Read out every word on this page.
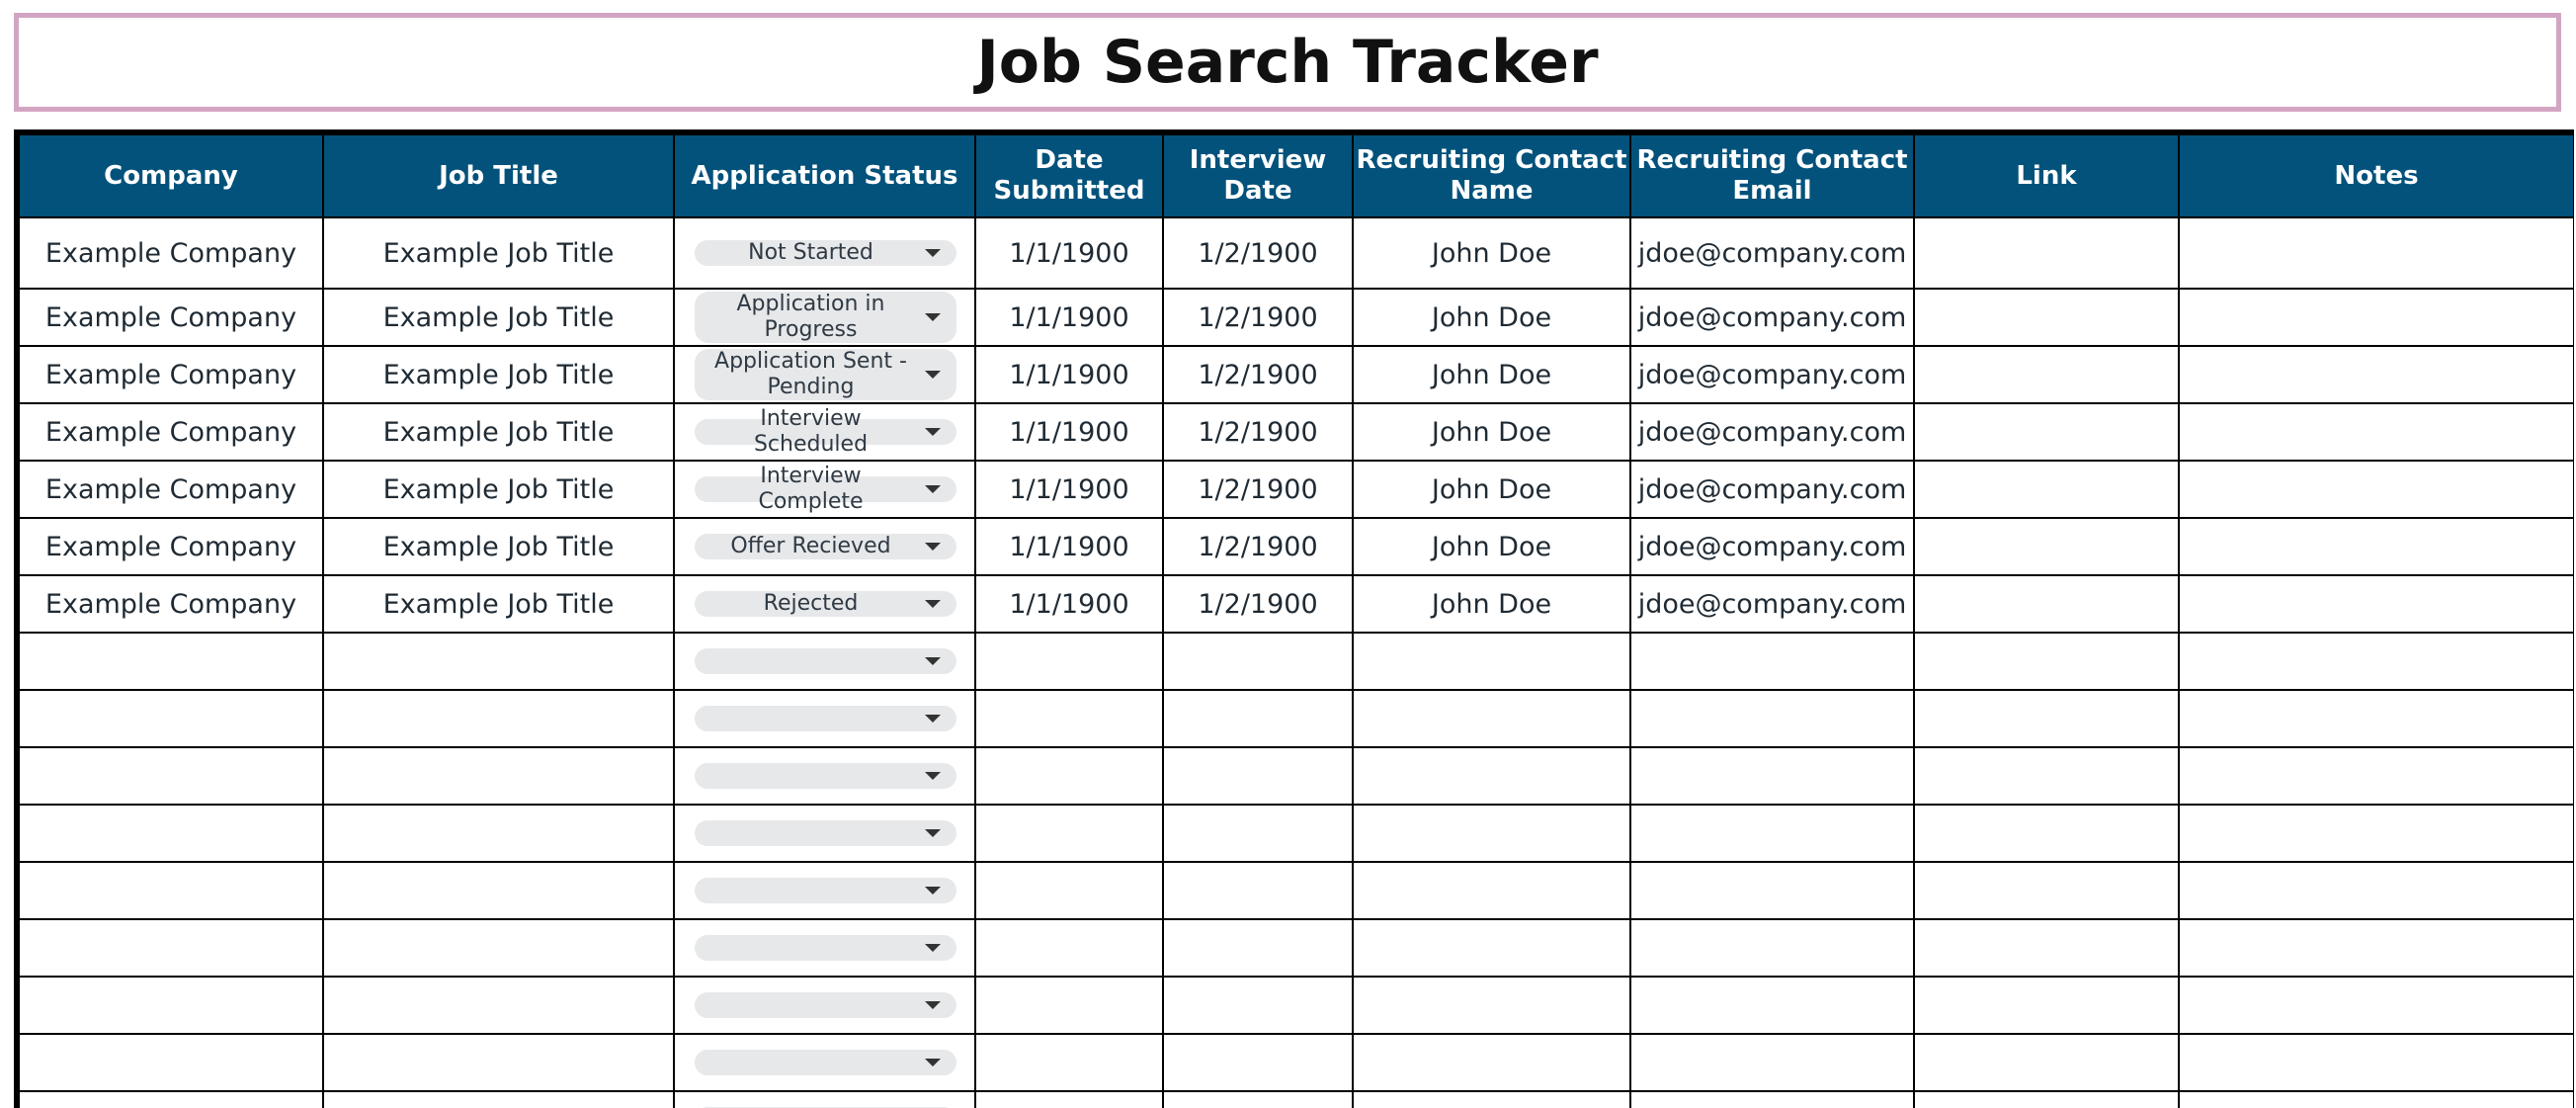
Job Search Tracker
Company	Job Title	Application Status	Date Submitted	Interview Date	Recruiting Contact Name	Recruiting Contact Email	Link	Notes
Example Company	Example Job Title	Not Started	1/1/1900	1/2/1900	John Doe	jdoe@company.com		
Example Company	Example Job Title	Application in Progress	1/1/1900	1/2/1900	John Doe	jdoe@company.com		
Example Company	Example Job Title	Application Sent - Pending	1/1/1900	1/2/1900	John Doe	jdoe@company.com		
Example Company	Example Job Title	Interview Scheduled	1/1/1900	1/2/1900	John Doe	jdoe@company.com		
Example Company	Example Job Title	Interview Complete	1/1/1900	1/2/1900	John Doe	jdoe@company.com		
Example Company	Example Job Title	Offer Recieved	1/1/1900	1/2/1900	John Doe	jdoe@company.com		
Example Company	Example Job Title	Rejected	1/1/1900	1/2/1900	John Doe	jdoe@company.com		
